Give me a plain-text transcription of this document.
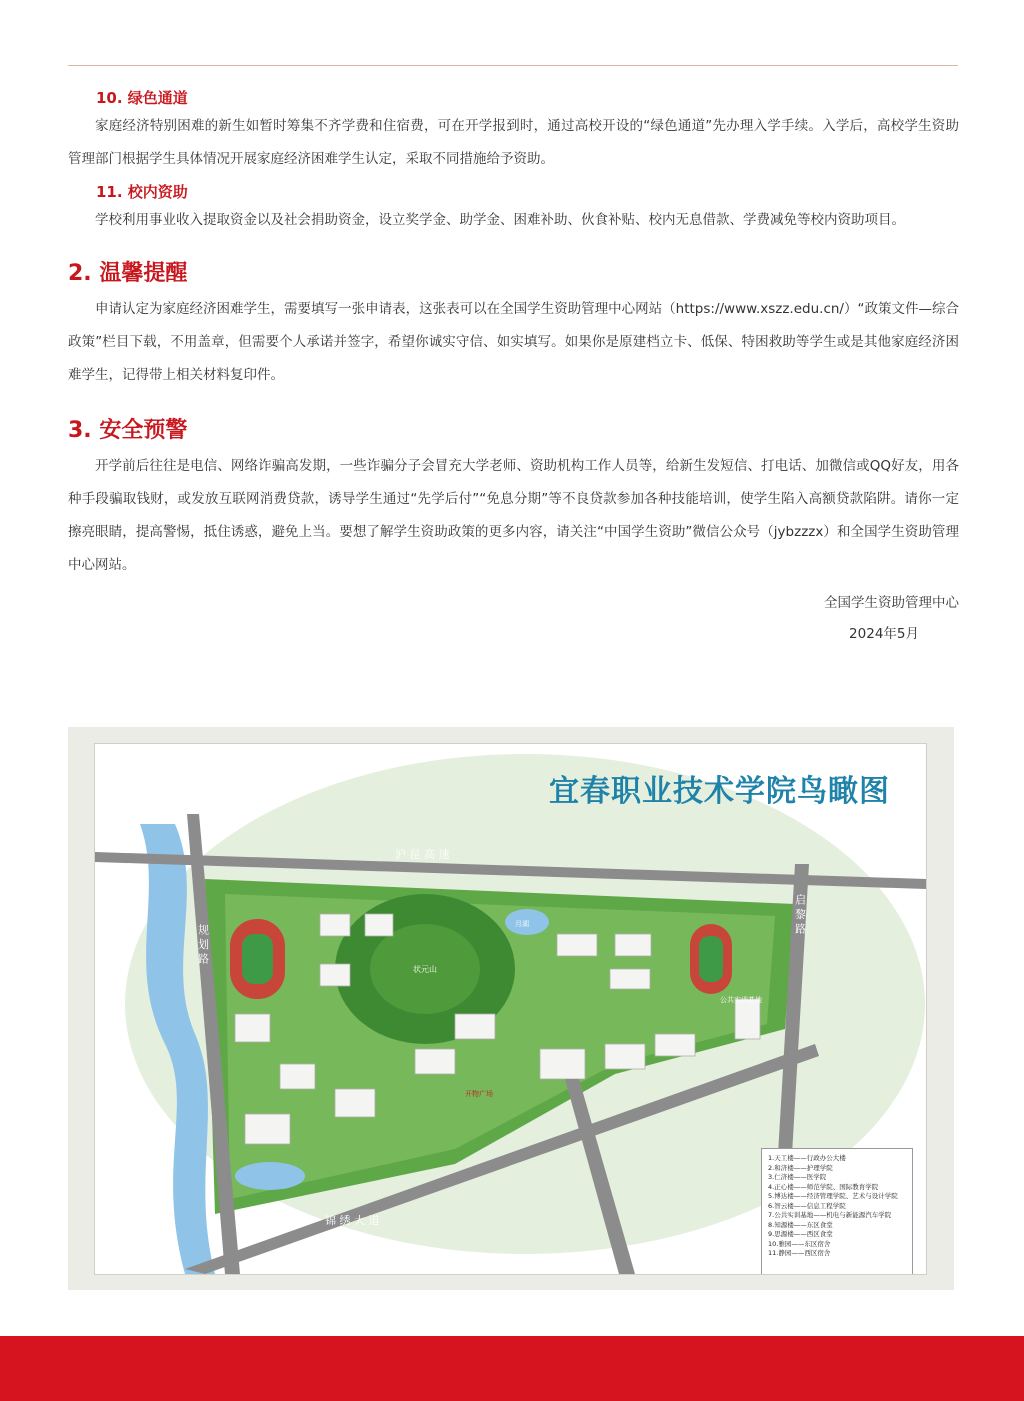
10. 绿色通道

家庭经济特别困难的新生如暂时筹集不齐学费和住宿费，可在开学报到时，通过高校开设的“绿色通道”先办理入学手续。入学后，高校学生资助管理部门根据学生具体情况开展家庭经济困难学生认定，采取不同措施给予资助。

11. 校内资助

学校利用事业收入提取资金以及社会捐助资金，设立奖学金、助学金、困难补助、伙食补贴、校内无息借款、学费减免等校内资助项目。

2. 温馨提醒

申请认定为家庭经济困难学生，需要填写一张申请表，这张表可以在全国学生资助管理中心网站（https://www.xszz.edu.cn/）“政策文件—综合政策”栏目下载，不用盖章，但需要个人承诺并签字，希望你诚实守信、如实填写。如果你是原建档立卡、低保、特困救助等学生或是其他家庭经济困难学生，记得带上相关材料复印件。

3. 安全预警

开学前后往往是电信、网络诈骗高发期，一些诈骗分子会冒充大学老师、资助机构工作人员等，给新生发短信、打电话、加微信或QQ好友，用各种手段骗取钱财，或发放互联网消费贷款，诱导学生通过“先学后付”“免息分期”等不良贷款参加各种技能培训，使学生陷入高额贷款陷阱。请你一定擦亮眼睛，提高警惕，抵住诱惑，避免上当。要想了解学生资助政策的更多内容，请关注“中国学生资助”微信公众号（jybzzzx）和全国学生资助管理中心网站。

全国学生资助管理中心
2024年5月
沪 昆 高 速
规 划 路
启 黎 路
锦 绣 大 道
状元山
月湖
开物广场
公共实训基地
宜春职业技术学院鸟瞰图
1.天工楼——行政办公大楼
2.和济楼——护理学院
3.仁济楼——医学院
4.正心楼——师范学院、国际教育学院
5.博达楼——经济管理学院、艺术与设计学院
6.智云楼——信息工程学院
7.公共实训基地——机电与新能源汽车学院
8.知源楼——东区食堂
9.思源楼——西区食堂
10.雅园——东区宿舍
11.静园——西区宿舍
